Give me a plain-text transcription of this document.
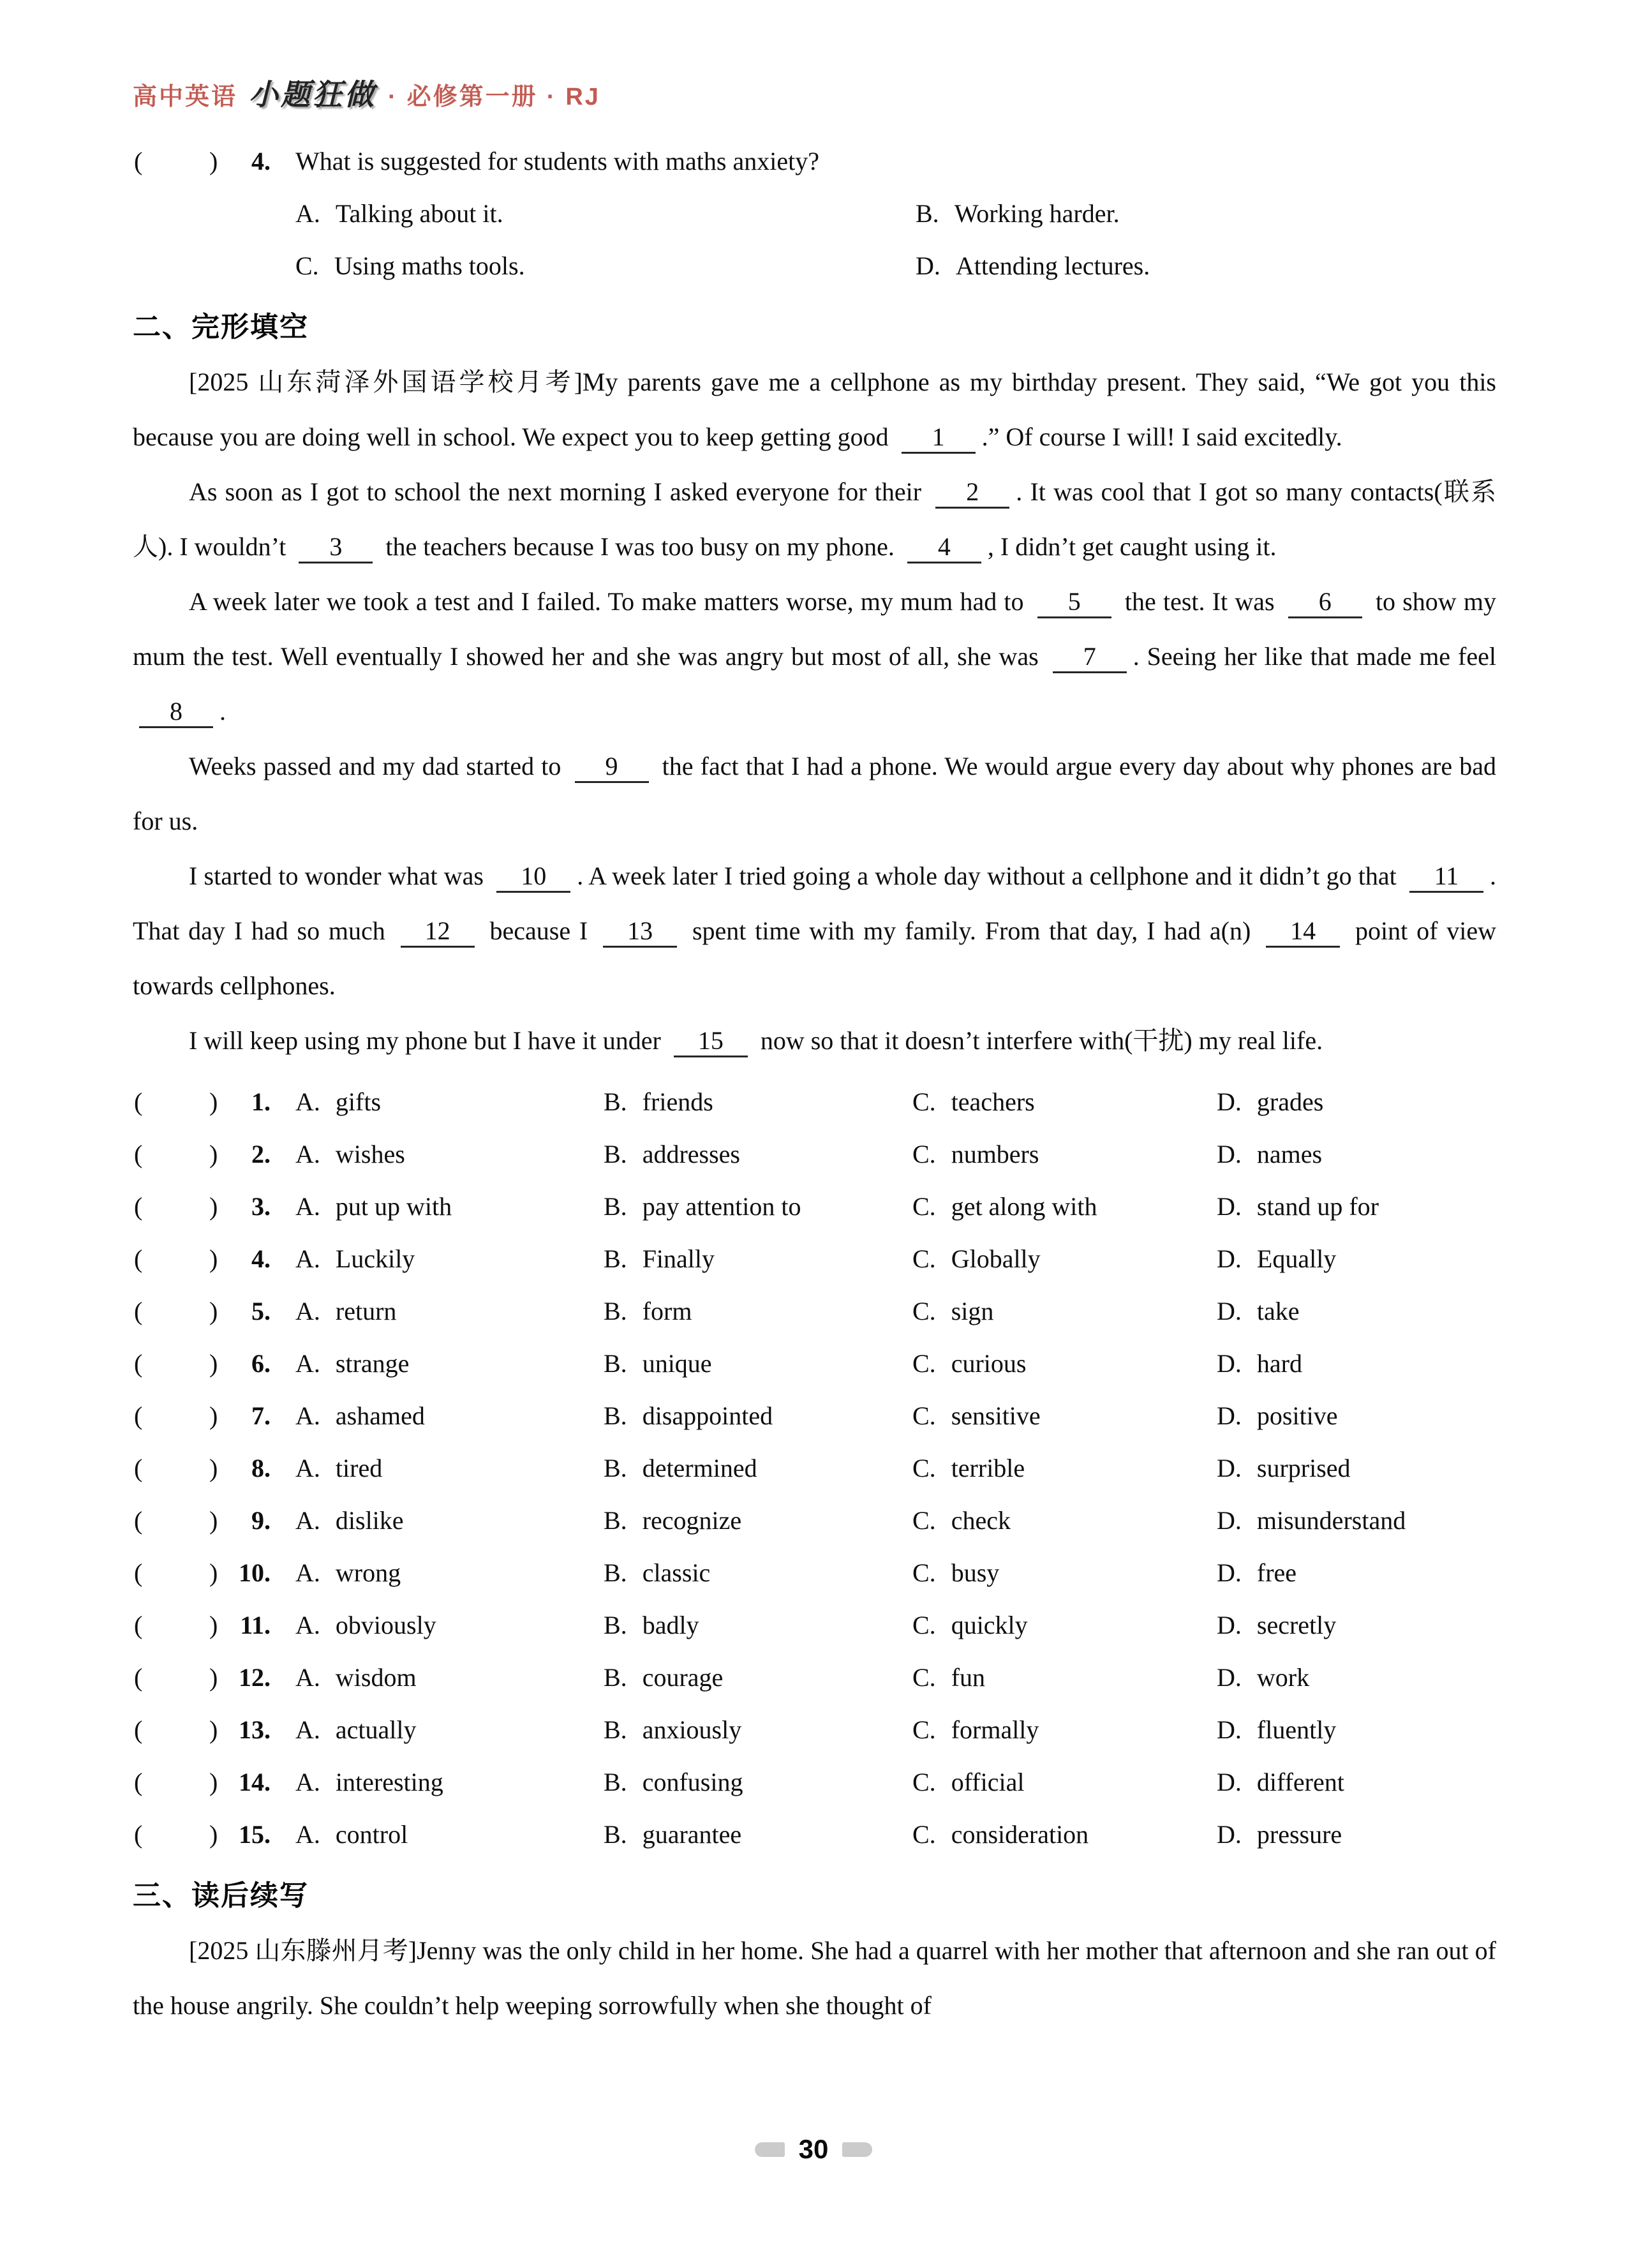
高中英语 小题狂做 · 必修第一册 · RJ
(	)	4. What is suggested for students with maths anxiety?
A. Talking about it.	B. Working harder.
C. Using maths tools.	D. Attending lectures.
二、完形填空

[2025 山东菏泽外国语学校月考]My parents gave me a cellphone as my birthday present. They said, “We got you this because you are doing well in school. We expect you to keep getting good 1 .” Of course I will! I said excitedly.

As soon as I got to school the next morning I asked everyone for their 2 . It was cool that I got so many contacts(联系人). I wouldn’t 3 the teachers because I was too busy on my phone. 4 , I didn’t get caught using it.

A week later we took a test and I failed. To make matters worse, my mum had to 5 the test. It was 6 to show my mum the test. Well eventually I showed her and she was angry but most of all, she was 7 . Seeing her like that made me feel 8 .

Weeks passed and my dad started to 9 the fact that I had a phone. We would argue every day about why phones are bad for us.

I started to wonder what was 10 . A week later I tried going a whole day without a cellphone and it didn’t go that 11 . That day I had so much 12 because I 13 spent time with my family. From that day, I had a(n) 14 point of view towards cellphones.

I will keep using my phone but I have it under 15 now so that it doesn’t interfere with(干扰) my real life.

(	)	1. A. gifts	B. friends	C. teachers	D. grades
(	)	2. A. wishes	B. addresses	C. numbers	D. names
(	)	3. A. put up with	B. pay attention to	C. get along with	D. stand up for
(	)	4. A. Luckily	B. Finally	C. Globally	D. Equally
(	)	5. A. return	B. form	C. sign	D. take
(	)	6. A. strange	B. unique	C. curious	D. hard
(	)	7. A. ashamed	B. disappointed	C. sensitive	D. positive
(	)	8. A. tired	B. determined	C. terrible	D. surprised
(	)	9. A. dislike	B. recognize	C. check	D. misunderstand
(	) 10. A. wrong	B. classic	C. busy	D. free
(	) 11. A. obviously	B. badly	C. quickly	D. secretly
(	) 12. A. wisdom	B. courage	C. fun	D. work
(	) 13. A. actually	B. anxiously	C. formally	D. fluently
(	) 14. A. interesting	B. confusing	C. official	D. different
(	) 15. A. control	B. guarantee	C. consideration	D. pressure
三、读后续写

[2025 山东滕州月考]Jenny was the only child in her home. She had a quarrel with her mother that afternoon and she ran out of the house angrily. She couldn’t help weeping sorrowfully when she thought of

30
